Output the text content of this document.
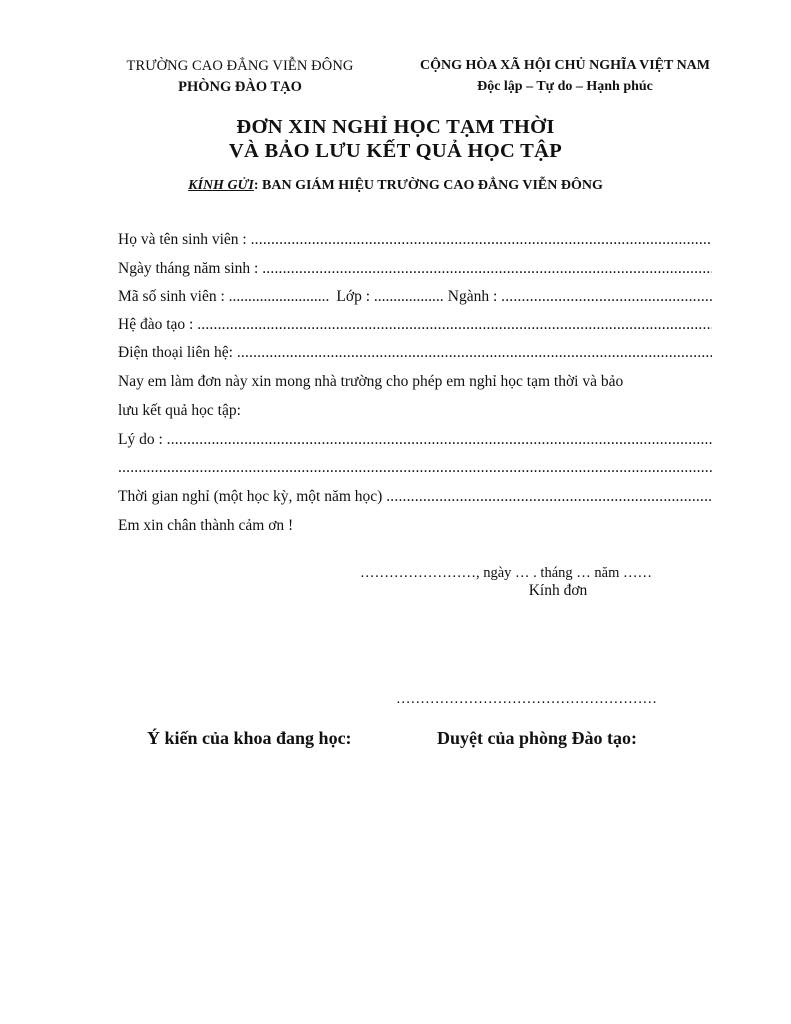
TRƯỜNG CAO ĐẲNG VIỄN ĐÔNG
PHÒNG ĐÀO TẠO
CỘNG HÒA XÃ HỘI CHỦ NGHĨA VIỆT NAM
Độc lập – Tự do – Hạnh phúc
ĐƠN XIN NGHỈ HỌC TẠM THỜI
VÀ BẢO LƯU KẾT QUẢ HỌC TẬP
KÍNH GỬI: BAN GIÁM HIỆU TRƯỜNG CAO ĐẲNG VIỄN ĐÔNG
Họ và tên sinh viên :
.....
Ngày tháng năm sinh :
.....
Mã số sinh viên : .....	Lớp : .....	Ngành :
.....
Hệ đào tạo :
.....
Điện thoại liên hệ:
.....
Nay em làm đơn này xin mong nhà trường cho phép em nghỉ học tạm thời và bảo
lưu kết quả học tập:
Lý do :
.....
.....
Thời gian nghỉ (một học kỳ, một năm học)
.....
Em xin chân thành cảm ơn !
……………………, ngày … . tháng … năm ……
Kính đơn
………………………………………………
Ý kiến của khoa đang học:	Duyệt của phòng Đào tạo:
